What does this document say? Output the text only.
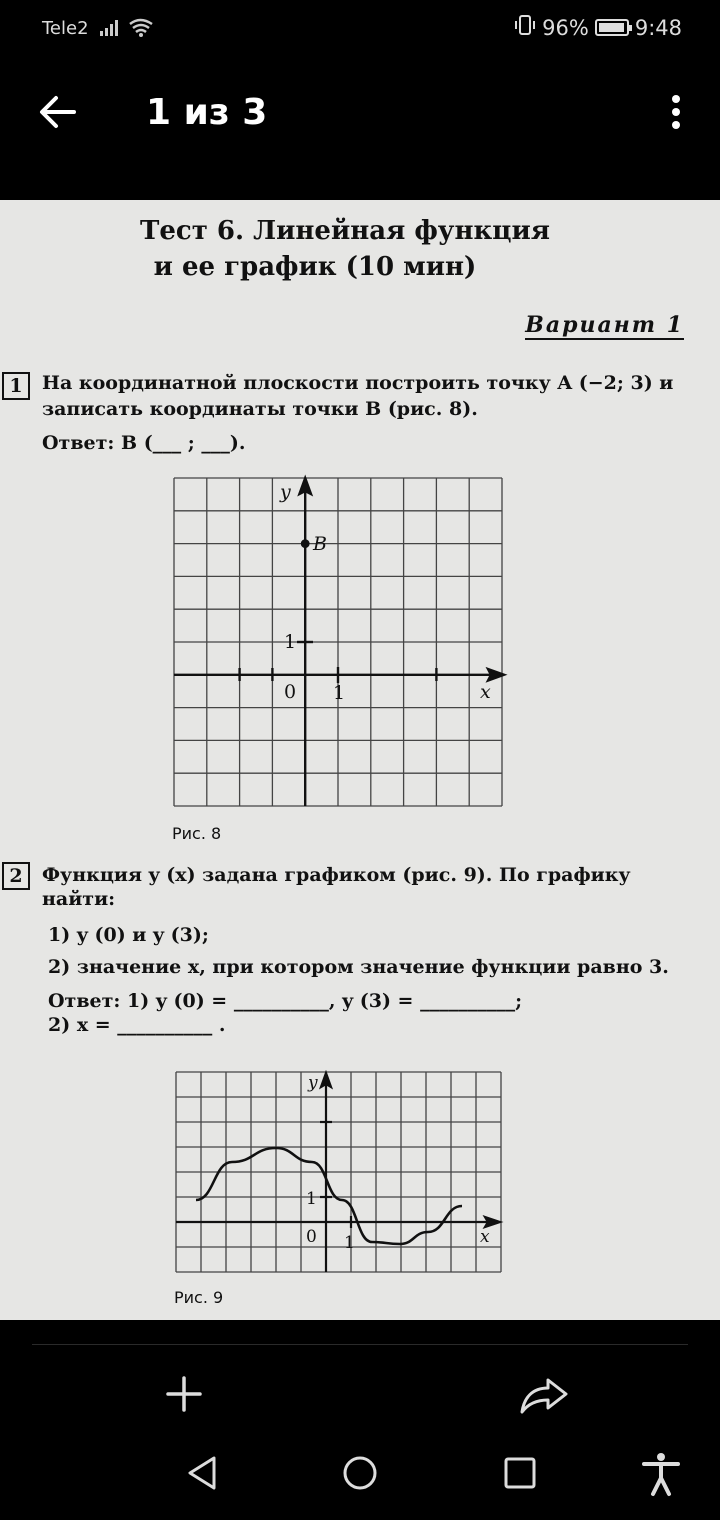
Tele2	96% 9:48
1 из 3
Тест 6. Линейная функция
и ее график (10 мин)
Вариант 1
1	На координатной плоскости построить точку A (−2; 3) и
записать координаты точки B (рис. 8).
Ответ: B (___ ; ___).
y
B
1
0 1	x
Рис. 8
2	Функция y (x) задана графиком (рис. 9). По графику
найти:
1) y (0) и y (3);
2) значение x, при котором значение функции равно 3.
Ответ: 1) y (0) = __________, y (3) = __________;
2) x = __________ .
y
1
0 1	x
Рис. 9
